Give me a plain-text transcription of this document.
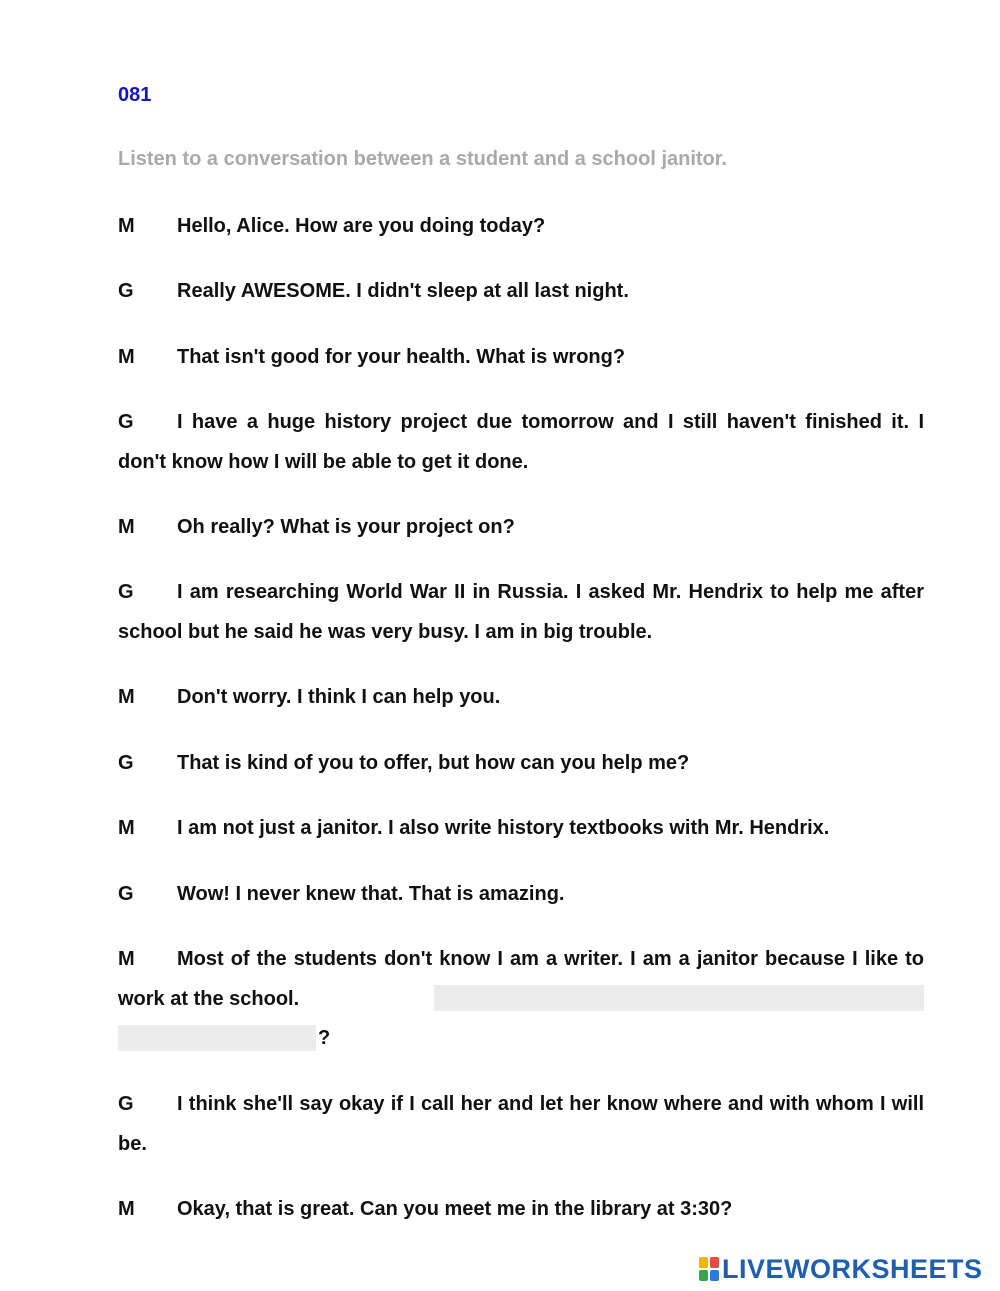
081
Listen to a conversation between a student and a school janitor.
M Hello, Alice. How are you doing today?
G Really AWESOME. I didn't sleep at all last night.
M That isn't good for your health. What is wrong?
G I have a huge history project due tomorrow and I still haven't finished it. I don't know how I will be able to get it done.
M Oh really? What is your project on?
G I am researching World War II in Russia. I asked Mr. Hendrix to help me after school but he said he was very busy. I am in big trouble.
M Don't worry. I think I can help you.
G That is kind of you to offer, but how can you help me?
M I am not just a janitor. I also write history textbooks with Mr. Hendrix.
G Wow! I never knew that. That is amazing.
M Most of the students don't know I am a writer. I am a janitor because I like to work at the school.
?
G I think she'll say okay if I call her and let her know where and with whom I will be.
M Okay, that is great. Can you meet me in the library at 3:30?
LIVEWORKSHEETS
